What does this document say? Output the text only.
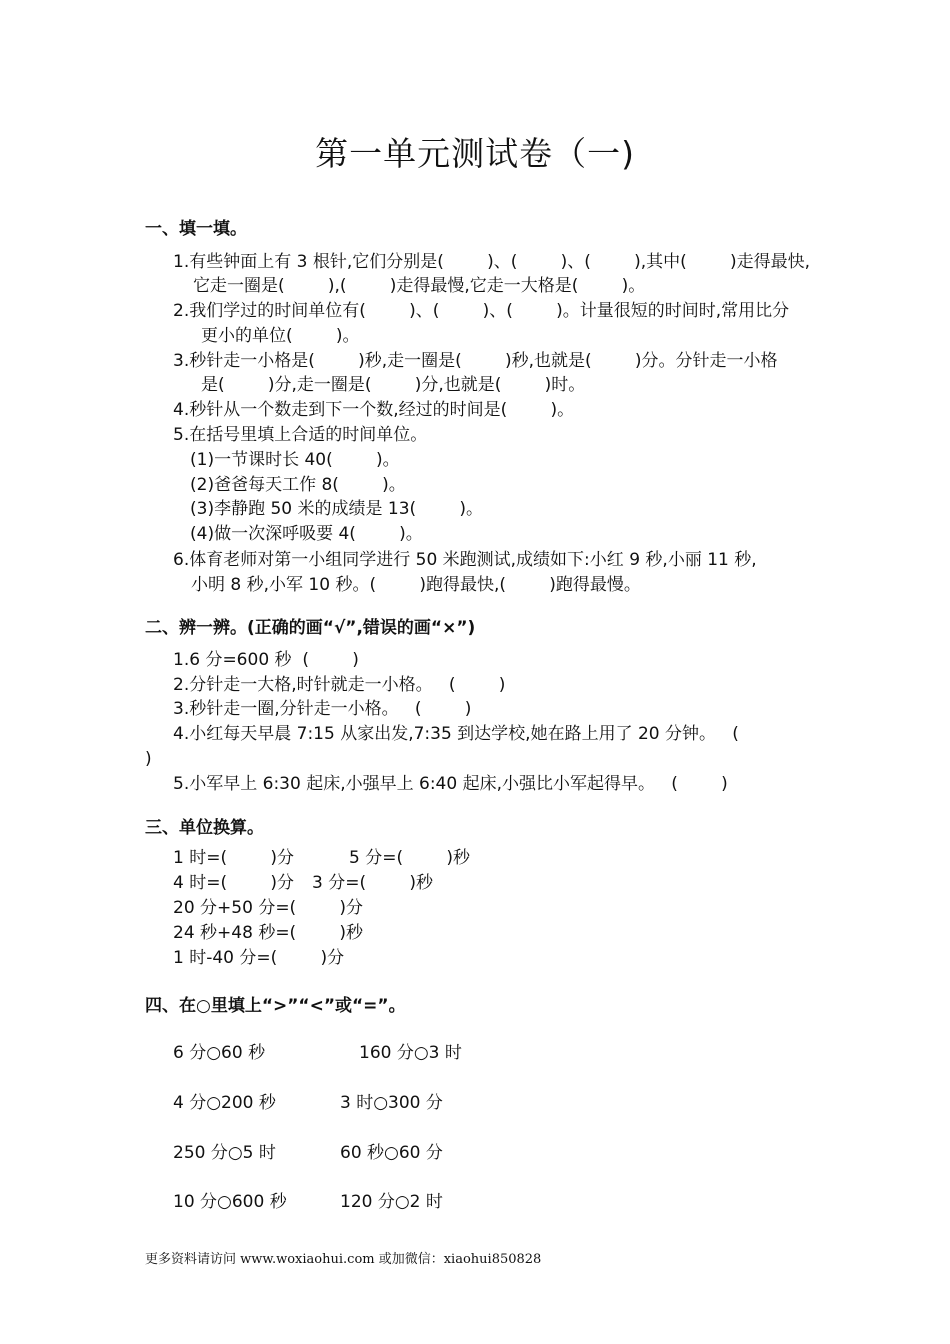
第一单元测试卷（一)
一、填一填。
1.有些钟面上有 3 根针,它们分别是(        )、(        )、(        ),其中(        )走得最快,
它走一圈是(        ),(        )走得最慢,它走一大格是(        )。
2.我们学过的时间单位有(        )、(        )、(        )。计量很短的时间时,常用比分
更小的单位(        )。
3.秒针走一小格是(        )秒,走一圈是(        )秒,也就是(        )分。分针走一小格
是(        )分,走一圈是(        )分,也就是(        )时。
4.秒针从一个数走到下一个数,经过的时间是(        )。
5.在括号里填上合适的时间单位。
(1)一节课时长 40(        )。
(2)爸爸每天工作 8(        )。
(3)李静跑 50 米的成绩是 13(        )。
(4)做一次深呼吸要 4(        )。
6.体育老师对第一小组同学进行 50 米跑测试,成绩如下:小红 9 秒,小丽 11 秒,
小明 8 秒,小军 10 秒。(        )跑得最快,(        )跑得最慢。
二、辨一辨。(正确的画“√”,错误的画“×”)
1.6 分=600 秒  (        )
2.分针走一大格,时针就走一小格。   (        )
3.秒针走一圈,分针走一小格。   (        )
4.小红每天早晨 7:15 从家出发,7:35 到达学校,她在路上用了 20 分钟。   (
)
5.小军早上 6:30 起床,小强早上 6:40 起床,小强比小军起得早。   (        )
三、单位换算。
1 时=(        )分	5 分=(        )秒
4 时=(        )分 3 分=(        )秒
20 分+50 分=(        )分
24 秒+48 秒=(        )秒
1 时-40 分=(        )分
四、在○里填上“>”“<”或“=”。
6 分○60 秒	160 分○3 时
4 分○200 秒	3 时○300 分
250 分○5 时	60 秒○60 分
10 分○600 秒	120 分○2 时
更多资料请访问 www.woxiaohui.com 或加微信：xiaohui850828
